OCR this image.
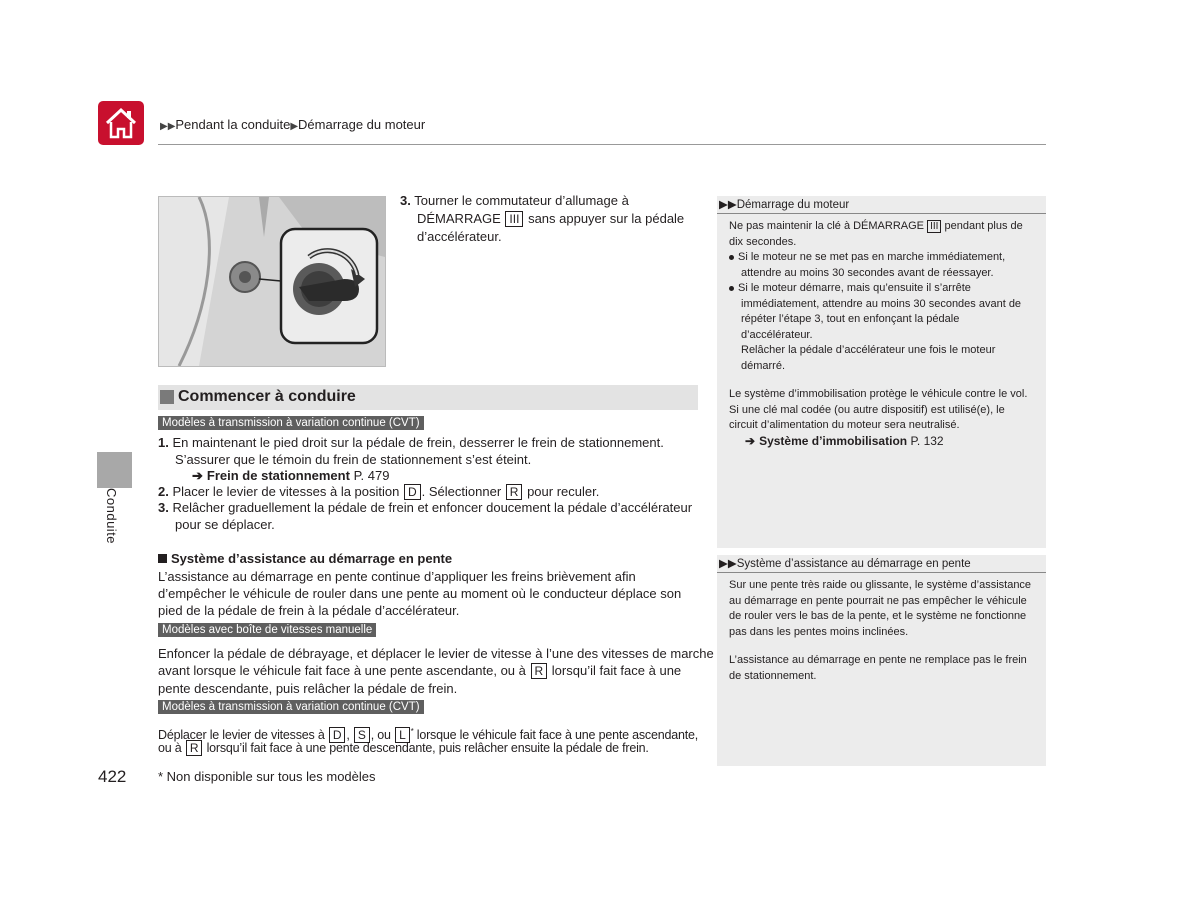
▶▶Pendant la conduite▶Démarrage du moteur
Conduite
422
3. Tourner le commutateur d’allumage à
DÉMARRAGE III sans appuyer sur la pédale
d’accélérateur.
Commencer à conduire
Modèles à transmission à variation continue (CVT)
1. En maintenant le pied droit sur la pédale de frein, desserrer le frein de stationnement.
S’assurer que le témoin du frein de stationnement s’est éteint.
➔ Frein de stationnement P. 479
2. Placer le levier de vitesses à la position D . Sélectionner R pour reculer.
3. Relâcher graduellement la pédale de frein et enfoncer doucement la pédale d’accélérateur
pour se déplacer.
Système d’assistance au démarrage en pente
L’assistance au démarrage en pente continue d’appliquer les freins brièvement afin
d’empêcher le véhicule de rouler dans une pente au moment où le conducteur déplace son
pied de la pédale de frein à la pédale d’accélérateur.
Modèles avec boîte de vitesses manuelle
Enfoncer la pédale de débrayage, et déplacer le levier de vitesse à l’une des vitesses de marche
avant lorsque le véhicule fait face à une pente ascendante, ou à R lorsqu’il fait face à une
pente descendante, puis relâcher la pédale de frein.
Modèles à transmission à variation continue (CVT)
Déplacer le levier de vitesses à D , S , ou L * lorsque le véhicule fait face à une pente ascendante,
ou à R lorsqu’il fait face à une pente descendante, puis relâcher ensuite la pédale de frein.
* Non disponible sur tous les modèles
▶▶Démarrage du moteur
Ne pas maintenir la clé à DÉMARRAGE III pendant plus de
dix secondes.
Si le moteur ne se met pas en marche immédiatement,
attendre au moins 30 secondes avant de réessayer.
Si le moteur démarre, mais qu’ensuite il s’arrête
immédiatement, attendre au moins 30 secondes avant de
répéter l’étape 3, tout en enfonçant la pédale
d’accélérateur.
Relâcher la pédale d’accélérateur une fois le moteur
démarré.
Le système d’immobilisation protège le véhicule contre le vol.
Si une clé mal codée (ou autre dispositif) est utilisé(e), le
circuit d’alimentation du moteur sera neutralisé.
➔ Système d’immobilisation P. 132
▶▶Système d’assistance au démarrage en pente
Sur une pente très raide ou glissante, le système d’assistance
au démarrage en pente pourrait ne pas empêcher le véhicule
de rouler vers le bas de la pente, et le système ne fonctionne
pas dans les pentes moins inclinées.
L’assistance au démarrage en pente ne remplace pas le frein
de stationnement.
